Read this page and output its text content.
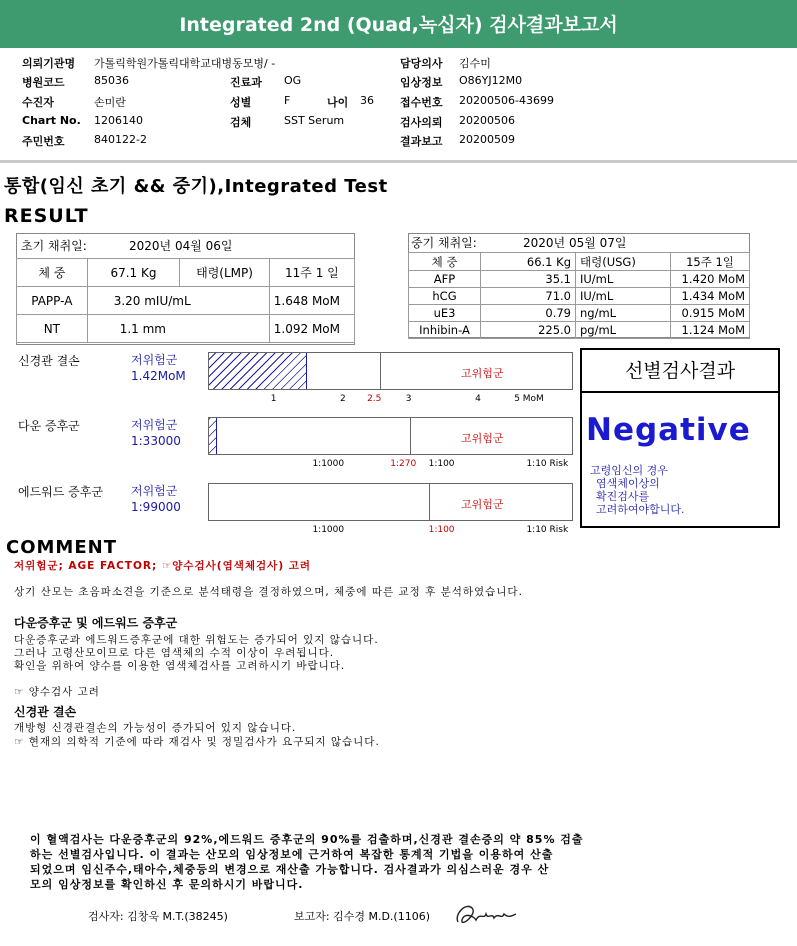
Integrated 2nd (Quad,녹십자) 검사결과보고서
의뢰기관명 가톨릭학원가톨릭대학교대병동모병/ -
병원코드	85036
수진자	손미란
Chart No. 1206140
주민번호	840122-2
진료과 OG
성별	F	나이 36
검체	SST Serum
담당의사 김수미
임상정보 O86YJ12M0
접수번호 20200506-43699
검사의뢰 20200506
결과보고 20200509
통합(임신 초기 && 중기),Integrated Test
RESULT
초기 채취일:	2020년 04월 06일
체 중	67.1 Kg	태령(LMP)	11주 1 일
PAPP-A	3.20 mIU/mL		1.648 MoM
NT	1.1 mm		1.092 MoM
중기 채취일:	2020년 05월 07일
체 중	66.1 Kg	태령(USG)	15주 1일
AFP	35.1	IU/mL	1.420 MoM
hCG	71.0	IU/mL	1.434 MoM
uE3	0.79	ng/mL	0.915 MoM
Inhibin-A	225.0	pg/mL	1.124 MoM
신경관 결손	저위험군
1.42MoM	고위험군
다운 증후군	저위험군
1:33000	고위험군
에드워드 증후군 저위험군
1:99000	고위험군
선별검사결과
Negative
고령임신의 경우
염색체이상의
확진검사를
고려하여야합니다.
COMMENT
저위험군; AGE FACTOR; ☞양수검사(염색체검사) 고려
상기 산모는 초음파소견을 기준으로 분석태령을 결정하였으며, 체중에 따른 교정 후 분석하였습니다.
다운증후군 및 에드워드 증후군
다운증후군과 에드워드증후군에 대한 위험도는 증가되어 있지 않습니다.
그러나 고령산모이므로 다른 염색체의 수적 이상이 우려됩니다.
확인을 위하여 양수를 이용한 염색체검사를 고려하시기 바랍니다.
☞ 양수검사 고려
신경관 결손
개방형 신경관결손의 가능성이 증가되어 있지 않습니다.
☞ 현재의 의학적 기준에 따라 재검사 및 정밀검사가 요구되지 않습니다.
이 혈액검사는 다운증후군의 92%,에드워드 증후군의 90%를 검출하며,신경관 결손증의 약 85% 검출
하는 선별검사입니다. 이 결과는 산모의 임상정보에 근거하여 복잡한 통계적 기법을 이용하여 산출
되었으며 임신주수,태아수,체중등의 변경으로 재산출 가능합니다. 검사결과가 의심스러운 경우 산
모의 임상정보를 확인하신 후 문의하시기 바랍니다.
검사자: 김창욱 M.T.(38245)	보고자: 김수경 M.D.(1106)
1	2 2.5	3	4	5 MoM
1:1000	1:270 1:100	1:10 Risk
1:1000	1:100	1:10 Risk
